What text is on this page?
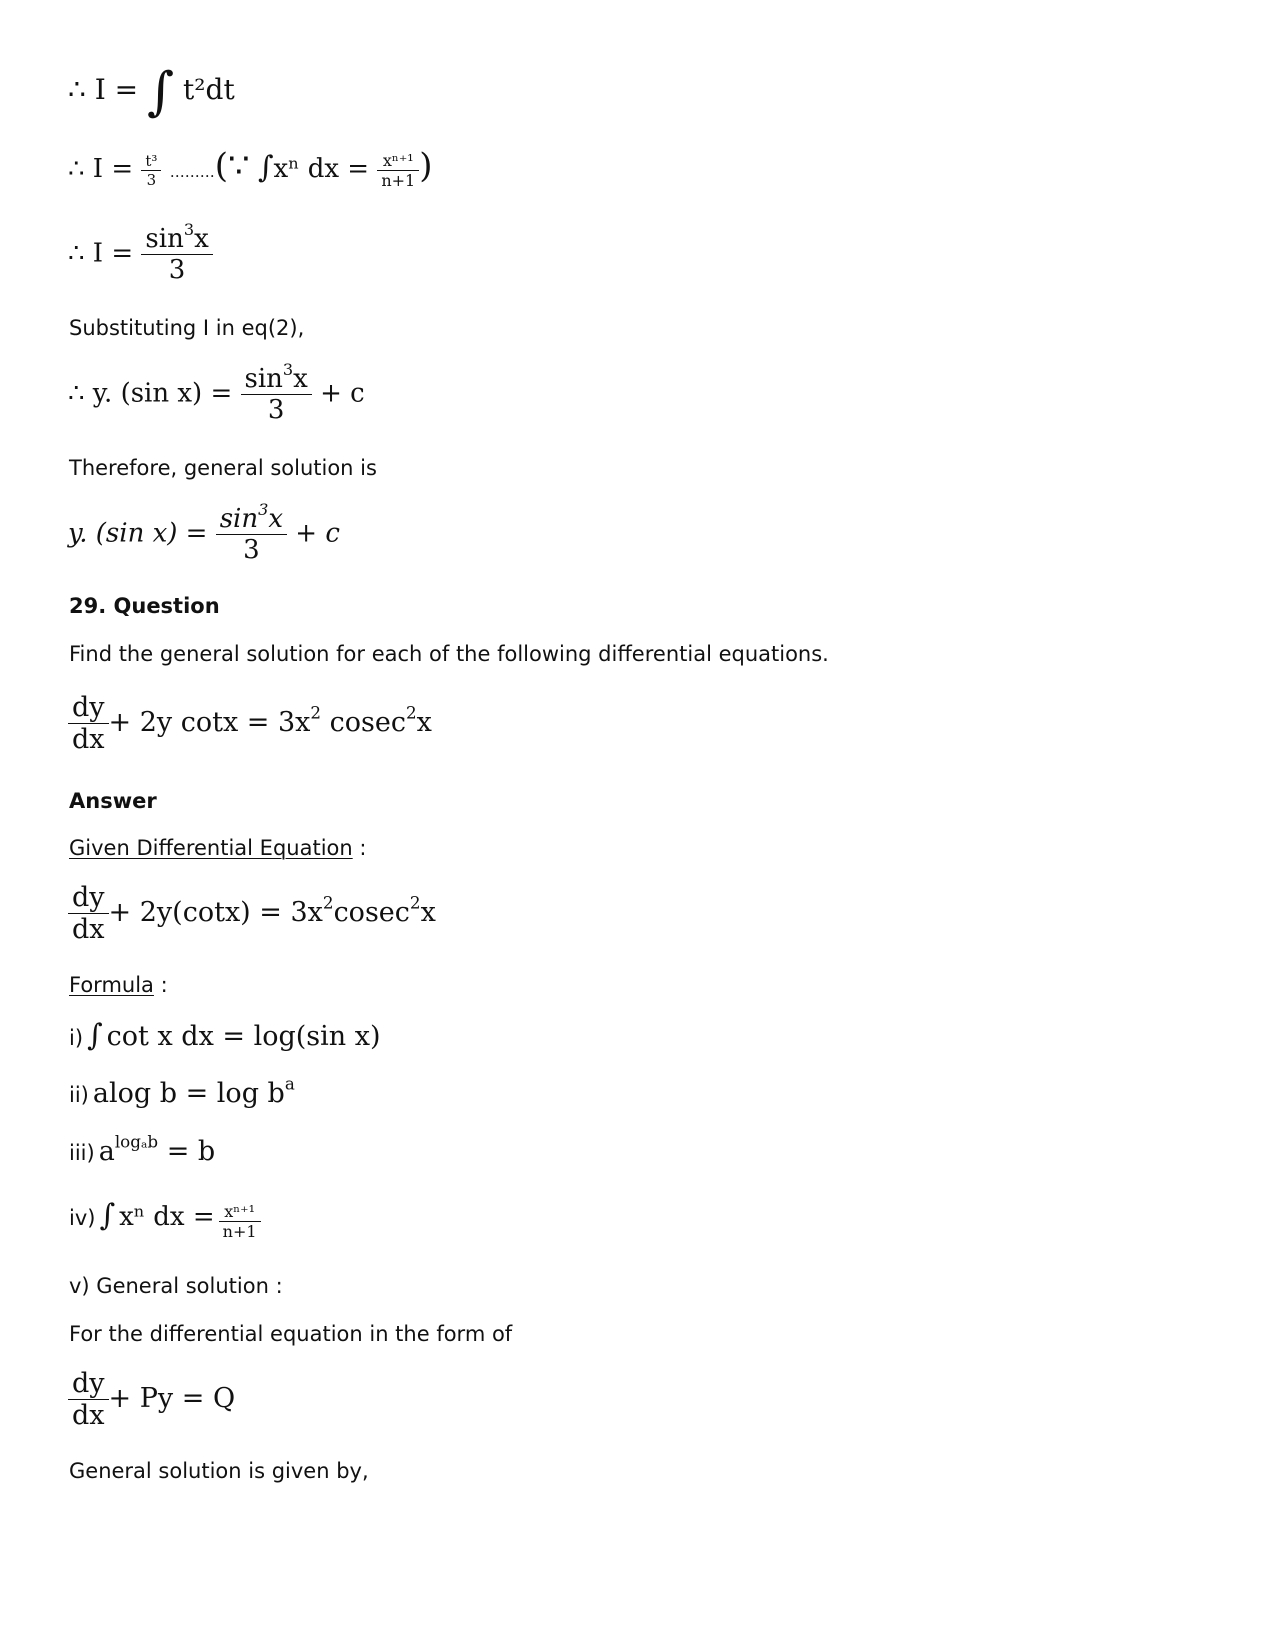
∴ I = ∫ t²dt
∴ $I = \frac{\text{t³}}{3}$ ………(∵ ∫xⁿ dx = $\frac{\text{xⁿ⁺¹}}{n+1}$ )
∴ $I = \frac{\sin^3x}{3}$
Substituting I in eq(2),
∴ y. (sin $x) = \frac{\sin^3x}{3} + c$
Therefore, general solution is
y. (sin $x) = \frac{\sin^3x}{3} + c$
29. Question
Find the general solution for each of the following differential equations.
$\frac{dy}{dx} + 2y$ $\cot x = 3x^2$ cosec$^2$x
Answer
Given Differential Equation :
$\frac{dy}{dx} + 2y(\cot x) = 3x^2cosec^2x$
Formula :
i) ∫ cot x dx = log(sin x)
ii) alog $b = \log b^a$
iii) $a^{log_ab} = b$
iv) ∫ xⁿ dx = $\frac{\text{xⁿ⁺¹}}{n+1}$
v) General solution :
For the differential equation in the form of
$\frac{dy}{dx} + Py = Q$
General solution is given by,
